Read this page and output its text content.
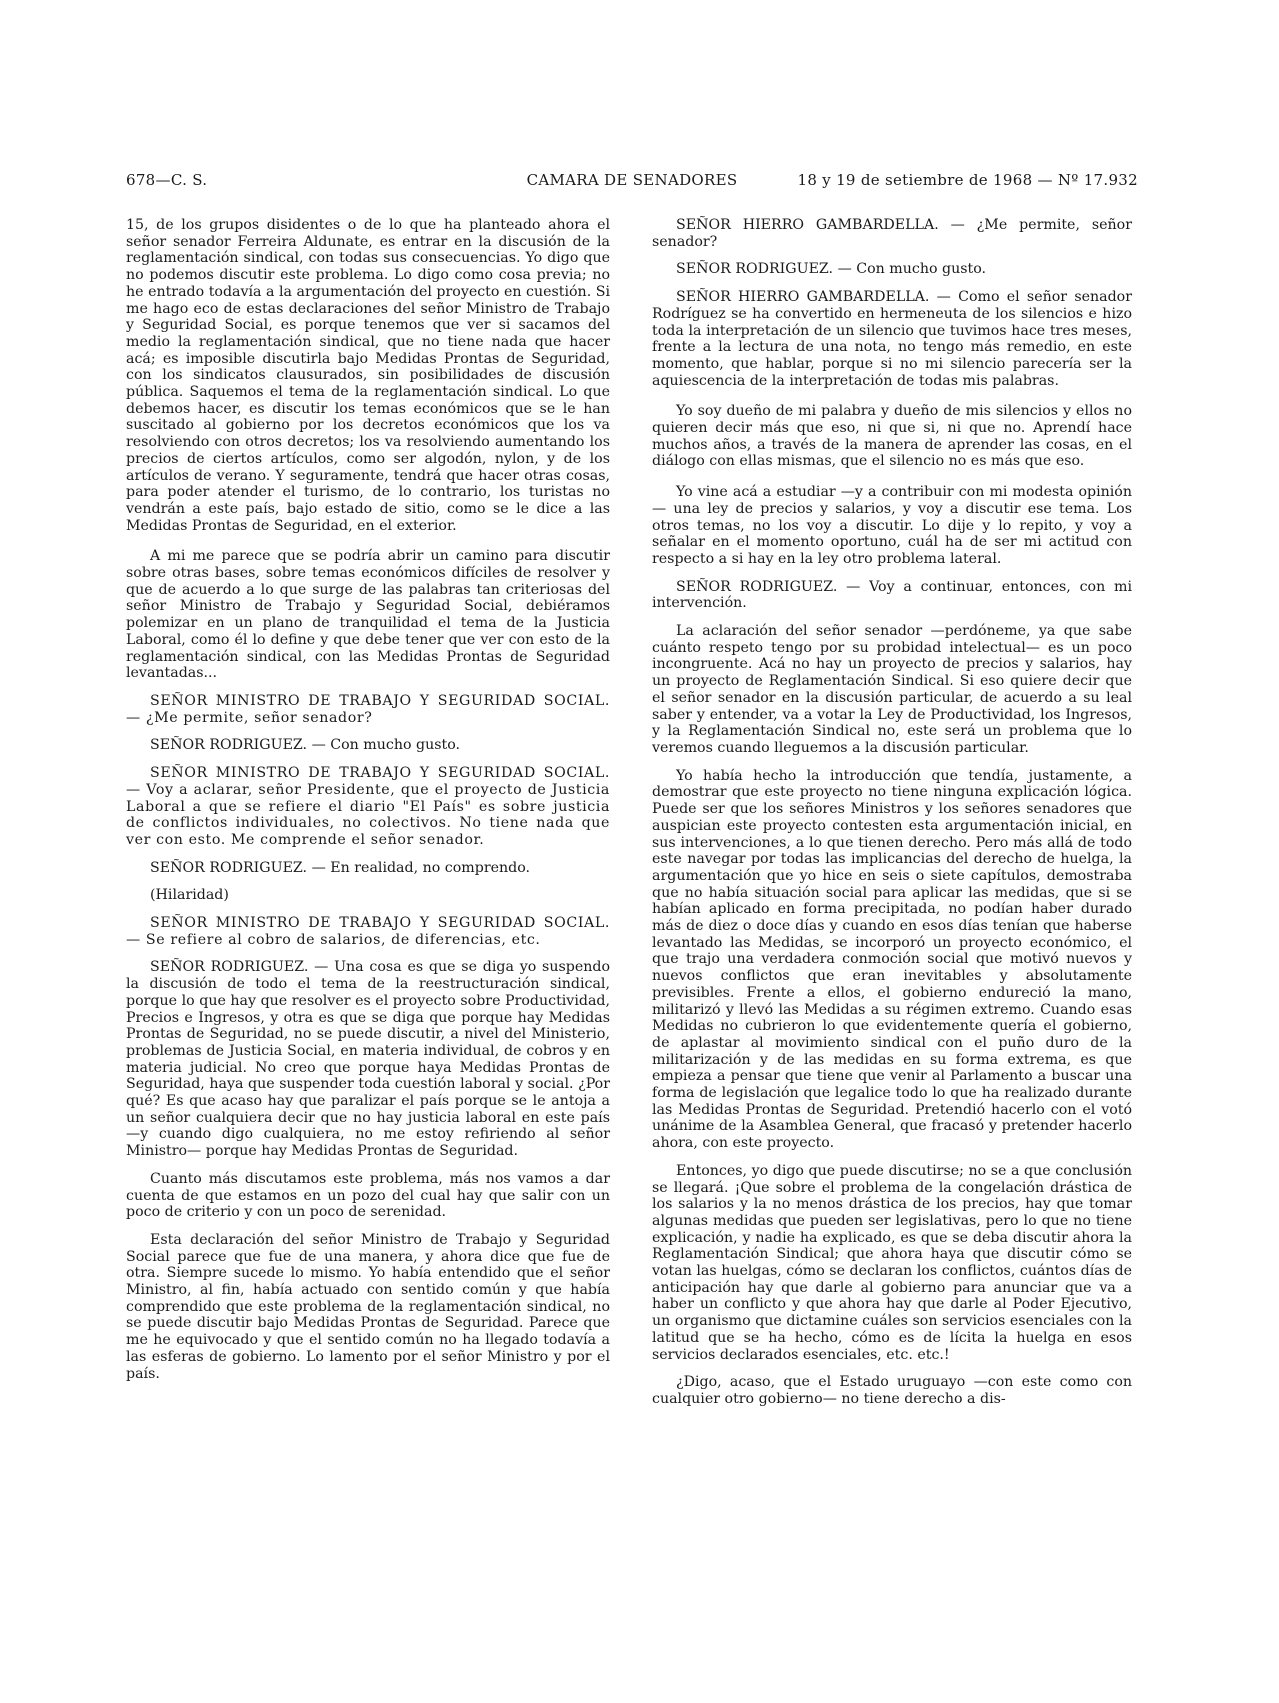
678—C. S.	CAMARA DE SENADORES	18 y 19 de setiembre de 1968 — Nº 17.932

15, de los grupos disidentes o de lo que ha planteado ahora el señor senador Ferreira Aldunate, es entrar en la discusión de la reglamentación sindical, con todas sus consecuencias. Yo digo que no podemos discutir este problema. Lo digo como cosa previa; no he entrado todavía a la argumentación del proyecto en cuestión. Si me hago eco de estas declaraciones del señor Ministro de Trabajo y Seguridad Social, es porque tenemos que ver si sacamos del medio la reglamentación sindical, que no tiene nada que hacer acá; es imposible discutirla bajo Medidas Prontas de Seguridad, con los sindicatos clausurados, sin posibilidades de discusión pública. Saquemos el tema de la reglamentación sindical. Lo que debemos hacer, es discutir los temas económicos que se le han suscitado al gobierno por los decretos económicos que los va resolviendo con otros decretos; los va resolviendo aumentando los precios de ciertos artículos, como ser algodón, nylon, y de los artículos de verano. Y seguramente, tendrá que hacer otras cosas, para poder atender el turismo, de lo contrario, los turistas no vendrán a este país, bajo estado de sitio, como se le dice a las Medidas Prontas de Seguridad, en el exterior.

A mi me parece que se podría abrir un camino para discutir sobre otras bases, sobre temas económicos difíciles de resolver y que de acuerdo a lo que surge de las palabras tan criteriosas del señor Ministro de Trabajo y Seguridad Social, debiéramos polemizar en un plano de tranquilidad el tema de la Justicia Laboral, como él lo define y que debe tener que ver con esto de la reglamentación sindical, con las Medidas Prontas de Seguridad levantadas...

SEÑOR MINISTRO DE TRABAJO Y SEGURIDAD SOCIAL. — ¿Me permite, señor senador?

SEÑOR RODRIGUEZ. — Con mucho gusto.

SEÑOR MINISTRO DE TRABAJO Y SEGURIDAD SOCIAL. — Voy a aclarar, señor Presidente, que el proyecto de Justicia Laboral a que se refiere el diario "El País" es sobre justicia de conflictos individuales, no colectivos. No tiene nada que ver con esto. Me comprende el señor senador.

SEÑOR RODRIGUEZ. — En realidad, no comprendo.

(Hilaridad)

SEÑOR MINISTRO DE TRABAJO Y SEGURIDAD SOCIAL. — Se refiere al cobro de salarios, de diferencias, etc.

SEÑOR RODRIGUEZ. — Una cosa es que se diga yo suspendo la discusión de todo el tema de la reestructuración sindical, porque lo que hay que resolver es el proyecto sobre Productividad, Precios e Ingresos, y otra es que se diga que porque hay Medidas Prontas de Seguridad, no se puede discutir, a nivel del Ministerio, problemas de Justicia Social, en materia individual, de cobros y en materia judicial. No creo que porque haya Medidas Prontas de Seguridad, haya que suspender toda cuestión laboral y social. ¿Por qué? Es que acaso hay que paralizar el país porque se le antoja a un señor cualquiera decir que no hay justicia laboral en este país —y cuando digo cualquiera, no me estoy refiriendo al señor Ministro— porque hay Medidas Prontas de Seguridad.

Cuanto más discutamos este problema, más nos vamos a dar cuenta de que estamos en un pozo del cual hay que salir con un poco de criterio y con un poco de serenidad.

Esta declaración del señor Ministro de Trabajo y Seguridad Social parece que fue de una manera, y ahora dice que fue de otra. Siempre sucede lo mismo. Yo había entendido que el señor Ministro, al fin, había actuado con sentido común y que había comprendido que este problema de la reglamentación sindical, no se puede discutir bajo Medidas Prontas de Seguridad. Parece que me he equivocado y que el sentido común no ha llegado todavía a las esferas de gobierno. Lo lamento por el señor Ministro y por el país.

SEÑOR HIERRO GAMBARDELLA. — ¿Me permite, señor senador?

SEÑOR RODRIGUEZ. — Con mucho gusto.

SEÑOR HIERRO GAMBARDELLA. — Como el señor senador Rodríguez se ha convertido en hermeneuta de los silencios e hizo toda la interpretación de un silencio que tuvimos hace tres meses, frente a la lectura de una nota, no tengo más remedio, en este momento, que hablar, porque si no mi silencio parecería ser la aquiescencia de la interpretación de todas mis palabras.

Yo soy dueño de mi palabra y dueño de mis silencios y ellos no quieren decir más que eso, ni que si, ni que no. Aprendí hace muchos años, a través de la manera de aprender las cosas, en el diálogo con ellas mismas, que el silencio no es más que eso.

Yo vine acá a estudiar —y a contribuir con mi modesta opinión— una ley de precios y salarios, y voy a discutir ese tema. Los otros temas, no los voy a discutir. Lo dije y lo repito, y voy a señalar en el momento oportuno, cuál ha de ser mi actitud con respecto a si hay en la ley otro problema lateral.

SEÑOR RODRIGUEZ. — Voy a continuar, entonces, con mi intervención.

La aclaración del señor senador —perdóneme, ya que sabe cuánto respeto tengo por su probidad intelectual— es un poco incongruente. Acá no hay un proyecto de precios y salarios, hay un proyecto de Reglamentación Sindical. Si eso quiere decir que el señor senador en la discusión particular, de acuerdo a su leal saber y entender, va a votar la Ley de Productividad, los Ingresos, y la Reglamentación Sindical no, este será un problema que lo veremos cuando lleguemos a la discusión particular.

Yo había hecho la introducción que tendía, justamente, a demostrar que este proyecto no tiene ninguna explicación lógica. Puede ser que los señores Ministros y los señores senadores que auspician este proyecto contesten esta argumentación inicial, en sus intervenciones, a lo que tienen derecho. Pero más allá de todo este navegar por todas las implicancias del derecho de huelga, la argumentación que yo hice en seis o siete capítulos, demostraba que no había situación social para aplicar las medidas, que si se habían aplicado en forma precipitada, no podían haber durado más de diez o doce días y cuando en esos días tenían que haberse levantado las Medidas, se incorporó un proyecto económico, el que trajo una verdadera conmoción social que motivó nuevos y nuevos conflictos que eran inevitables y absolutamente previsibles. Frente a ellos, el gobierno endureció la mano, militarizó y llevó las Medidas a su régimen extremo. Cuando esas Medidas no cubrieron lo que evidentemente quería el gobierno, de aplastar al movimiento sindical con el puño duro de la militarización y de las medidas en su forma extrema, es que empieza a pensar que tiene que venir al Parlamento a buscar una forma de legislación que legalice todo lo que ha realizado durante las Medidas Prontas de Seguridad. Pretendió hacerlo con el votó unánime de la Asamblea General, que fracasó y pretender hacerlo ahora, con este proyecto.

Entonces, yo digo que puede discutirse; no se a que conclusión se llegará. ¡Que sobre el problema de la congelación drástica de los salarios y la no menos drástica de los precios, hay que tomar algunas medidas que pueden ser legislativas, pero lo que no tiene explicación, y nadie ha explicado, es que se deba discutir ahora la Reglamentación Sindical; que ahora haya que discutir cómo se votan las huelgas, cómo se declaran los conflictos, cuántos días de anticipación hay que darle al gobierno para anunciar que va a haber un conflicto y que ahora hay que darle al Poder Ejecutivo, un organismo que dictamine cuáles son servicios esenciales con la latitud que se ha hecho, cómo es de lícita la huelga en esos servicios declarados esenciales, etc. etc.!

¿Digo, acaso, que el Estado uruguayo —con este como con cualquier otro gobierno— no tiene derecho a dis-
